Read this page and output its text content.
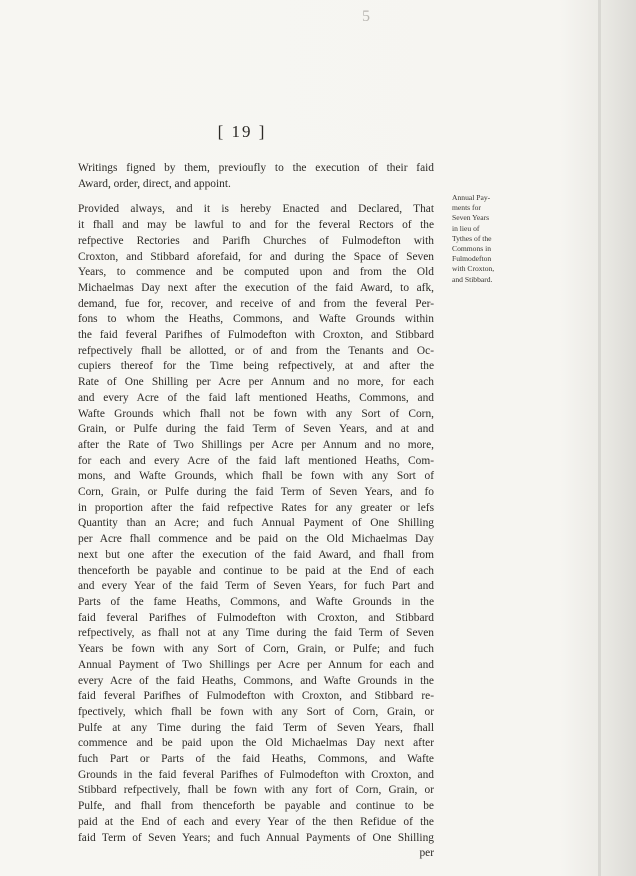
5
[ 19 ]
Writings figned by them, previoufly to the execution of their faid
Award, order, direct, and appoint.
Provided always, and it is hereby Enacted and Declared, That
it fhall and may be lawful to and for the feveral Rectors of the
refpective Rectories and Parifh Churches of Fulmodefton with
Croxton, and Stibbard aforefaid, for and during the Space of Seven
Years, to commence and be computed upon and from the Old
Michaelmas Day next after the execution of the faid Award, to afk,
demand, fue for, recover, and receive of and from the feveral Per-
fons to whom the Heaths, Commons, and Wafte Grounds within
the faid feveral Parifhes of Fulmodefton with Croxton, and Stibbard
refpectively fhall be allotted, or of and from the Tenants and Oc-
cupiers thereof for the Time being refpectively, at and after the
Rate of One Shilling per Acre per Annum and no more, for each
and every Acre of the faid laft mentioned Heaths, Commons, and
Wafte Grounds which fhall not be fown with any Sort of Corn,
Grain, or Pulfe during the faid Term of Seven Years, and at and
after the Rate of Two Shillings per Acre per Annum and no more,
for each and every Acre of the faid laft mentioned Heaths, Com-
mons, and Wafte Grounds, which fhall be fown with any Sort of
Corn, Grain, or Pulfe during the faid Term of Seven Years, and fo
in proportion after the faid refpective Rates for any greater or lefs
Quantity than an Acre; and fuch Annual Payment of One Shilling
per Acre fhall commence and be paid on the Old Michaelmas Day
next but one after the execution of the faid Award, and fhall from
thenceforth be payable and continue to be paid at the End of each
and every Year of the faid Term of Seven Years, for fuch Part and
Parts of the fame Heaths, Commons, and Wafte Grounds in the
faid feveral Parifhes of Fulmodefton with Croxton, and Stibbard
refpectively, as fhall not at any Time during the faid Term of Seven
Years be fown with any Sort of Corn, Grain, or Pulfe; and fuch
Annual Payment of Two Shillings per Acre per Annum for each and
every Acre of the faid Heaths, Commons, and Wafte Grounds in the
faid feveral Parifhes of Fulmodefton with Croxton, and Stibbard re-
fpectively, which fhall be fown with any Sort of Corn, Grain, or
Pulfe at any Time during the faid Term of Seven Years, fhall
commence and be paid upon the Old Michaelmas Day next after
fuch Part or Parts of the faid Heaths, Commons, and Wafte
Grounds in the faid feveral Parifhes of Fulmodefton with Croxton, and
Stibbard refpectively, fhall be fown with any fort of Corn, Grain, or
Pulfe, and fhall from thenceforth be payable and continue to be
paid at the End of each and every Year of the then Refidue of the
faid Term of Seven Years; and fuch Annual Payments of One Shilling
per
Annual Pay-
ments for
Seven Years
in lieu of
Tythes of the
Commons in
Fulmodefton
with Croxton,
and Stibbard.
